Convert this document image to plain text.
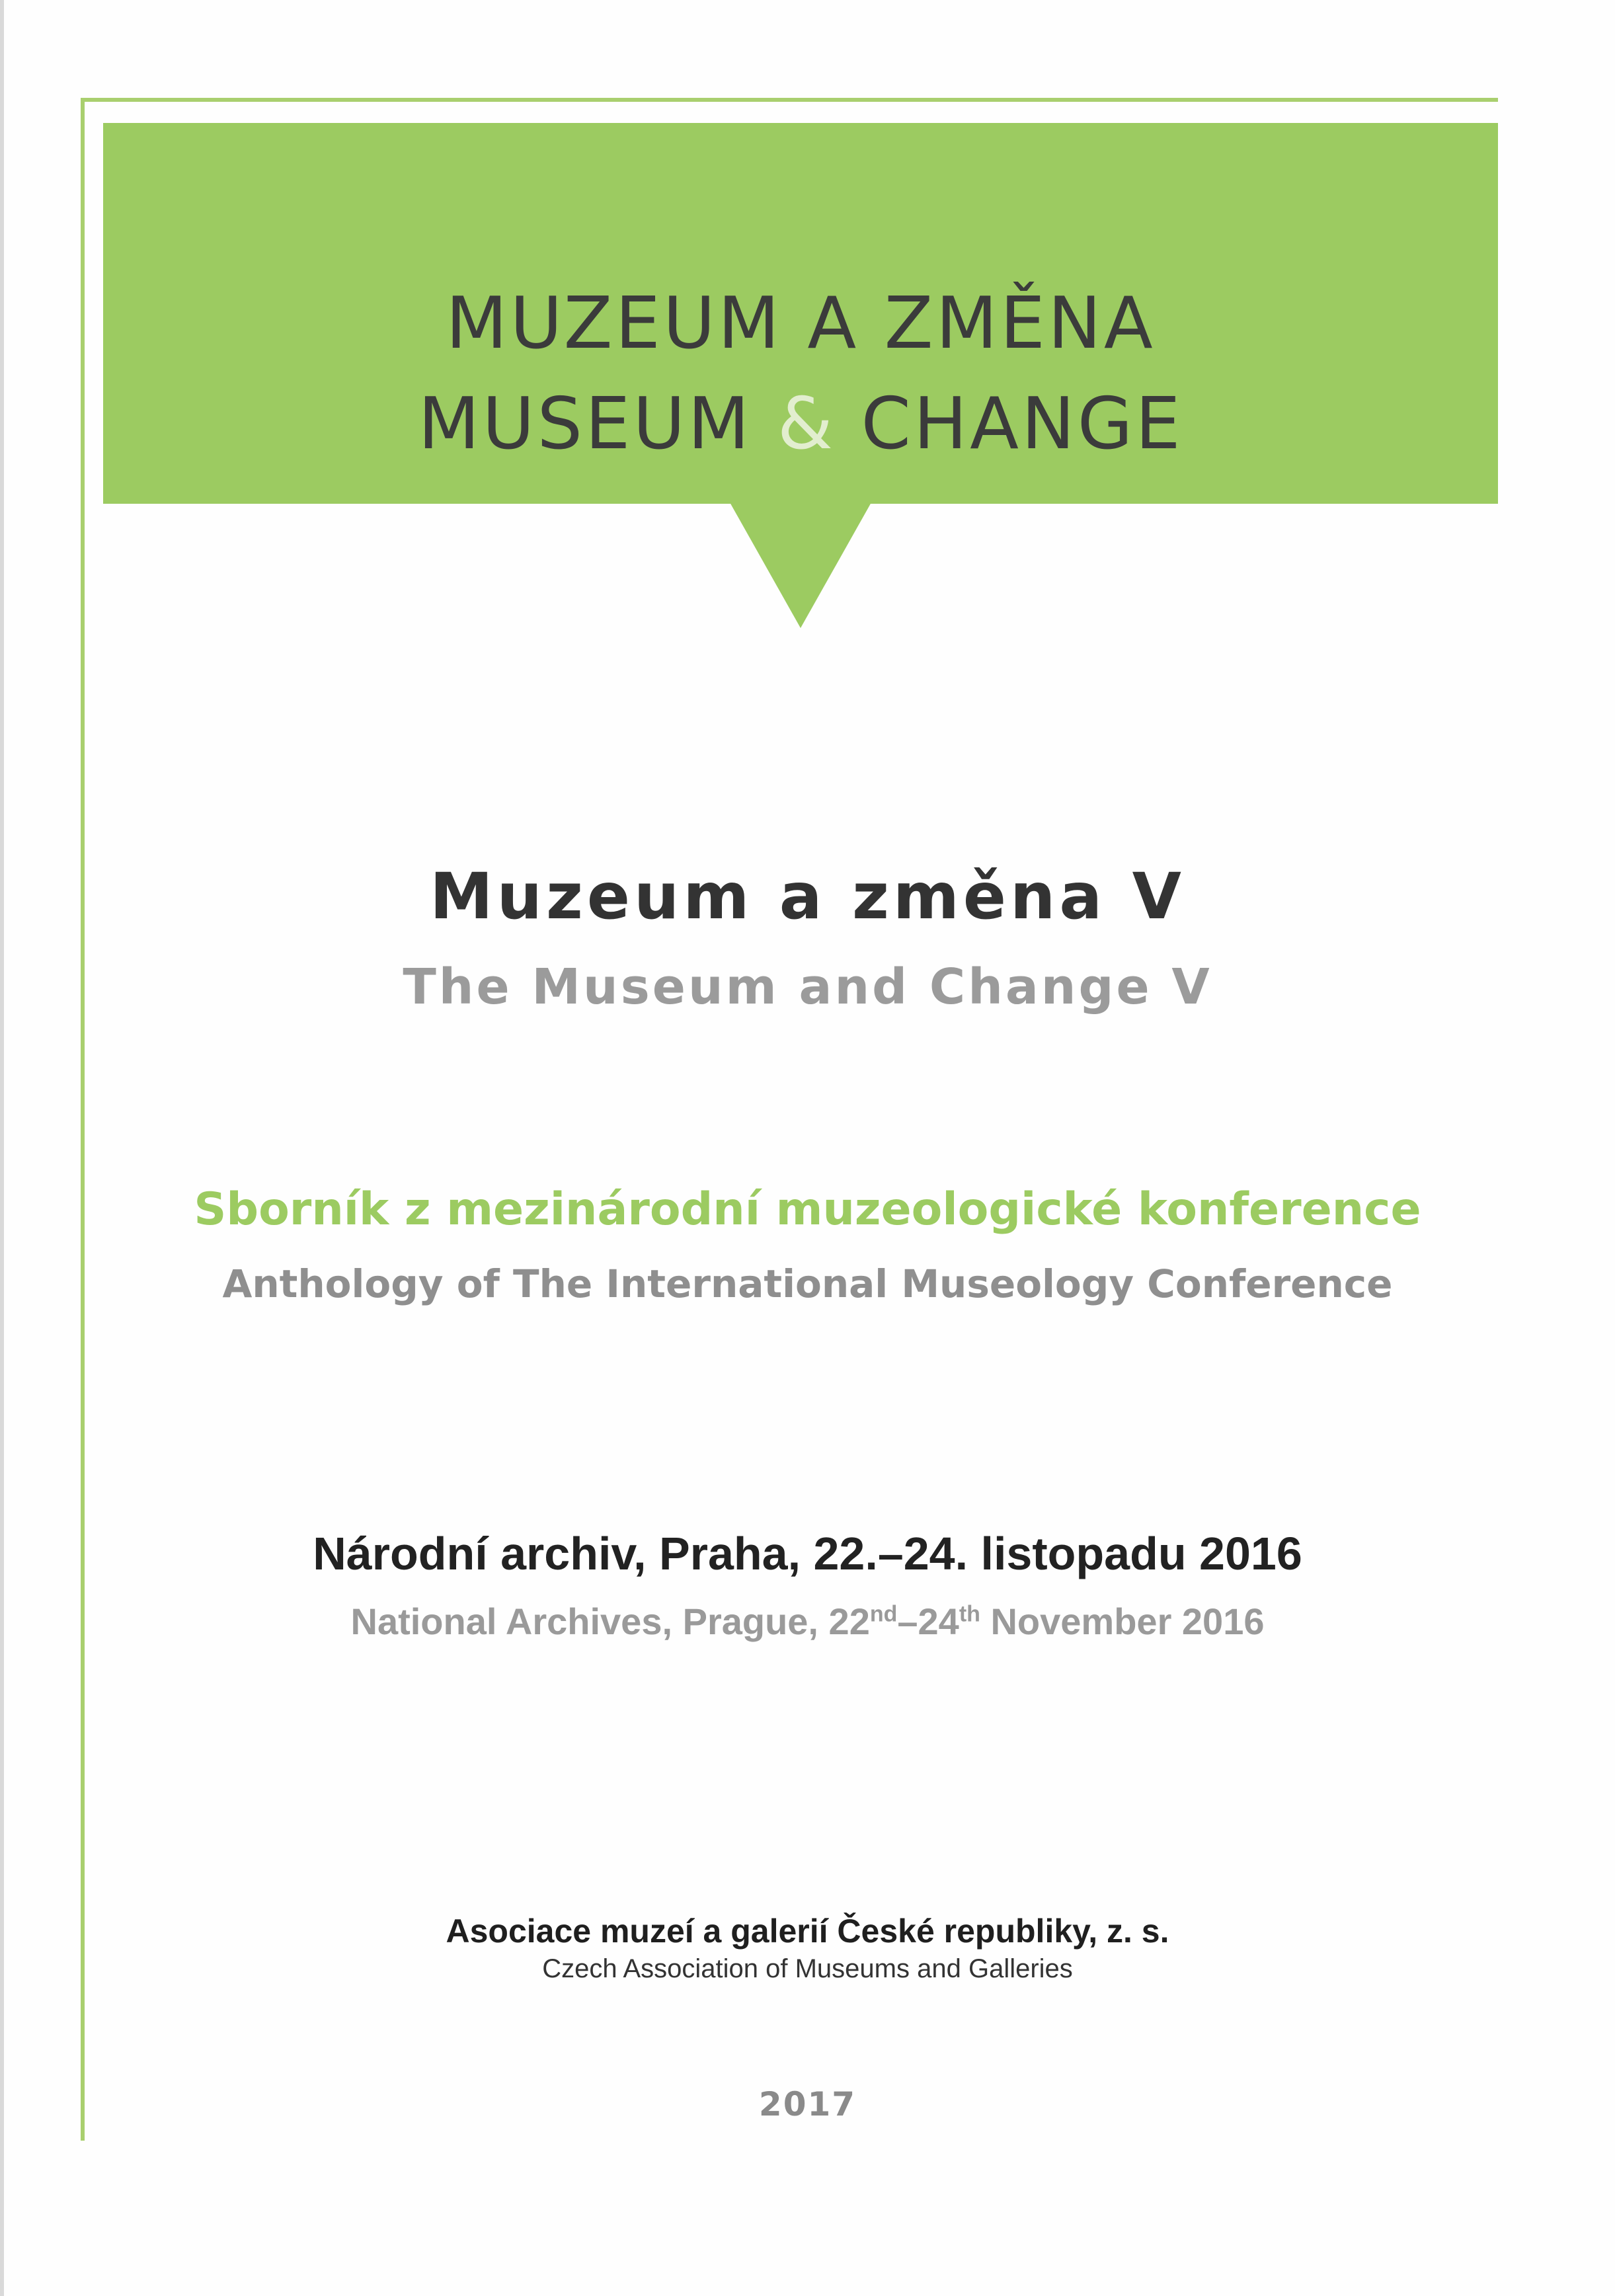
MUZEUM A ZMĚNA
MUSEUM & CHANGE
Muzeum a změna V
The Museum and Change V
Sborník z mezinárodní muzeologické konference
Anthology of The International Museology Conference
Národní archiv, Praha, 22.–24. listopadu 2016
National Archives, Prague, 22nd–24th November 2016
Asociace muzeí a galerií České republiky, z. s.
Czech Association of Museums and Galleries
2017
